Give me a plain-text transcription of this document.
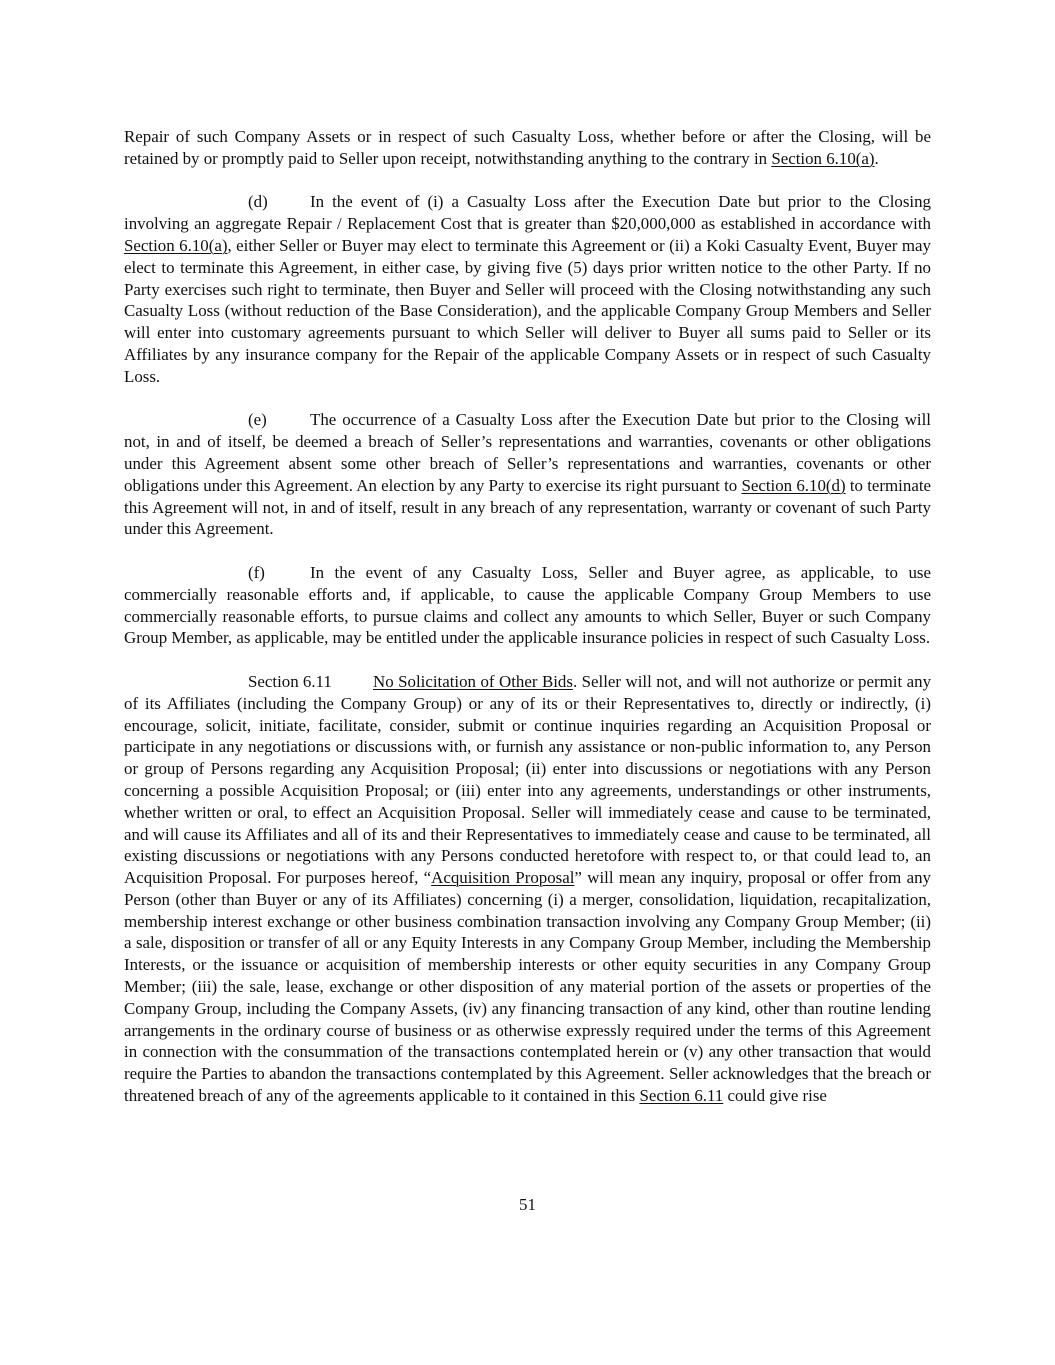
Repair of such Company Assets or in respect of such Casualty Loss, whether before or after the Closing, will be retained by or promptly paid to Seller upon receipt, notwithstanding anything to the contrary in Section 6.10(a).

(d)	In the event of (i) a Casualty Loss after the Execution Date but prior to the Closing involving an aggregate Repair / Replacement Cost that is greater than $20,000,000 as established in accordance with Section 6.10(a), either Seller or Buyer may elect to terminate this Agreement or (ii) a Koki Casualty Event, Buyer may elect to terminate this Agreement, in either case, by giving five (5) days prior written notice to the other Party. If no Party exercises such right to terminate, then Buyer and Seller will proceed with the Closing notwithstanding any such Casualty Loss (without reduction of the Base Consideration), and the applicable Company Group Members and Seller will enter into customary agreements pursuant to which Seller will deliver to Buyer all sums paid to Seller or its Affiliates by any insurance company for the Repair of the applicable Company Assets or in respect of such Casualty Loss.

(e)	The occurrence of a Casualty Loss after the Execution Date but prior to the Closing will not, in and of itself, be deemed a breach of Seller’s representations and warranties, covenants or other obligations under this Agreement absent some other breach of Seller’s representations and warranties, covenants or other obligations under this Agreement. An election by any Party to exercise its right pursuant to Section 6.10(d) to terminate this Agreement will not, in and of itself, result in any breach of any representation, warranty or covenant of such Party under this Agreement.

(f)	In the event of any Casualty Loss, Seller and Buyer agree, as applicable, to use commercially reasonable efforts and, if applicable, to cause the applicable Company Group Members to use commercially reasonable efforts, to pursue claims and collect any amounts to which Seller, Buyer or such Company Group Member, as applicable, may be entitled under the applicable insurance policies in respect of such Casualty Loss.

Section 6.11 No Solicitation of Other Bids. Seller will not, and will not authorize or permit any of its Affiliates (including the Company Group) or any of its or their Representatives to, directly or indirectly, (i) encourage, solicit, initiate, facilitate, consider, submit or continue inquiries regarding an Acquisition Proposal or participate in any negotiations or discussions with, or furnish any assistance or non-public information to, any Person or group of Persons regarding any Acquisition Proposal; (ii) enter into discussions or negotiations with any Person concerning a possible Acquisition Proposal; or (iii) enter into any agreements, understandings or other instruments, whether written or oral, to effect an Acquisition Proposal. Seller will immediately cease and cause to be terminated, and will cause its Affiliates and all of its and their Representatives to immediately cease and cause to be terminated, all existing discussions or negotiations with any Persons conducted heretofore with respect to, or that could lead to, an Acquisition Proposal. For purposes hereof, “Acquisition Proposal” will mean any inquiry, proposal or offer from any Person (other than Buyer or any of its Affiliates) concerning (i) a merger, consolidation, liquidation, recapitalization, membership interest exchange or other business combination transaction involving any Company Group Member; (ii) a sale, disposition or transfer of all or any Equity Interests in any Company Group Member, including the Membership Interests, or the issuance or acquisition of membership interests or other equity securities in any Company Group Member; (iii) the sale, lease, exchange or other disposition of any material portion of the assets or properties of the Company Group, including the Company Assets, (iv) any financing transaction of any kind, other than routine lending arrangements in the ordinary course of business or as otherwise expressly required under the terms of this Agreement in connection with the consummation of the transactions contemplated herein or (v) any other transaction that would require the Parties to abandon the transactions contemplated by this Agreement. Seller acknowledges that the breach or threatened breach of any of the agreements applicable to it contained in this Section 6.11 could give rise

51
